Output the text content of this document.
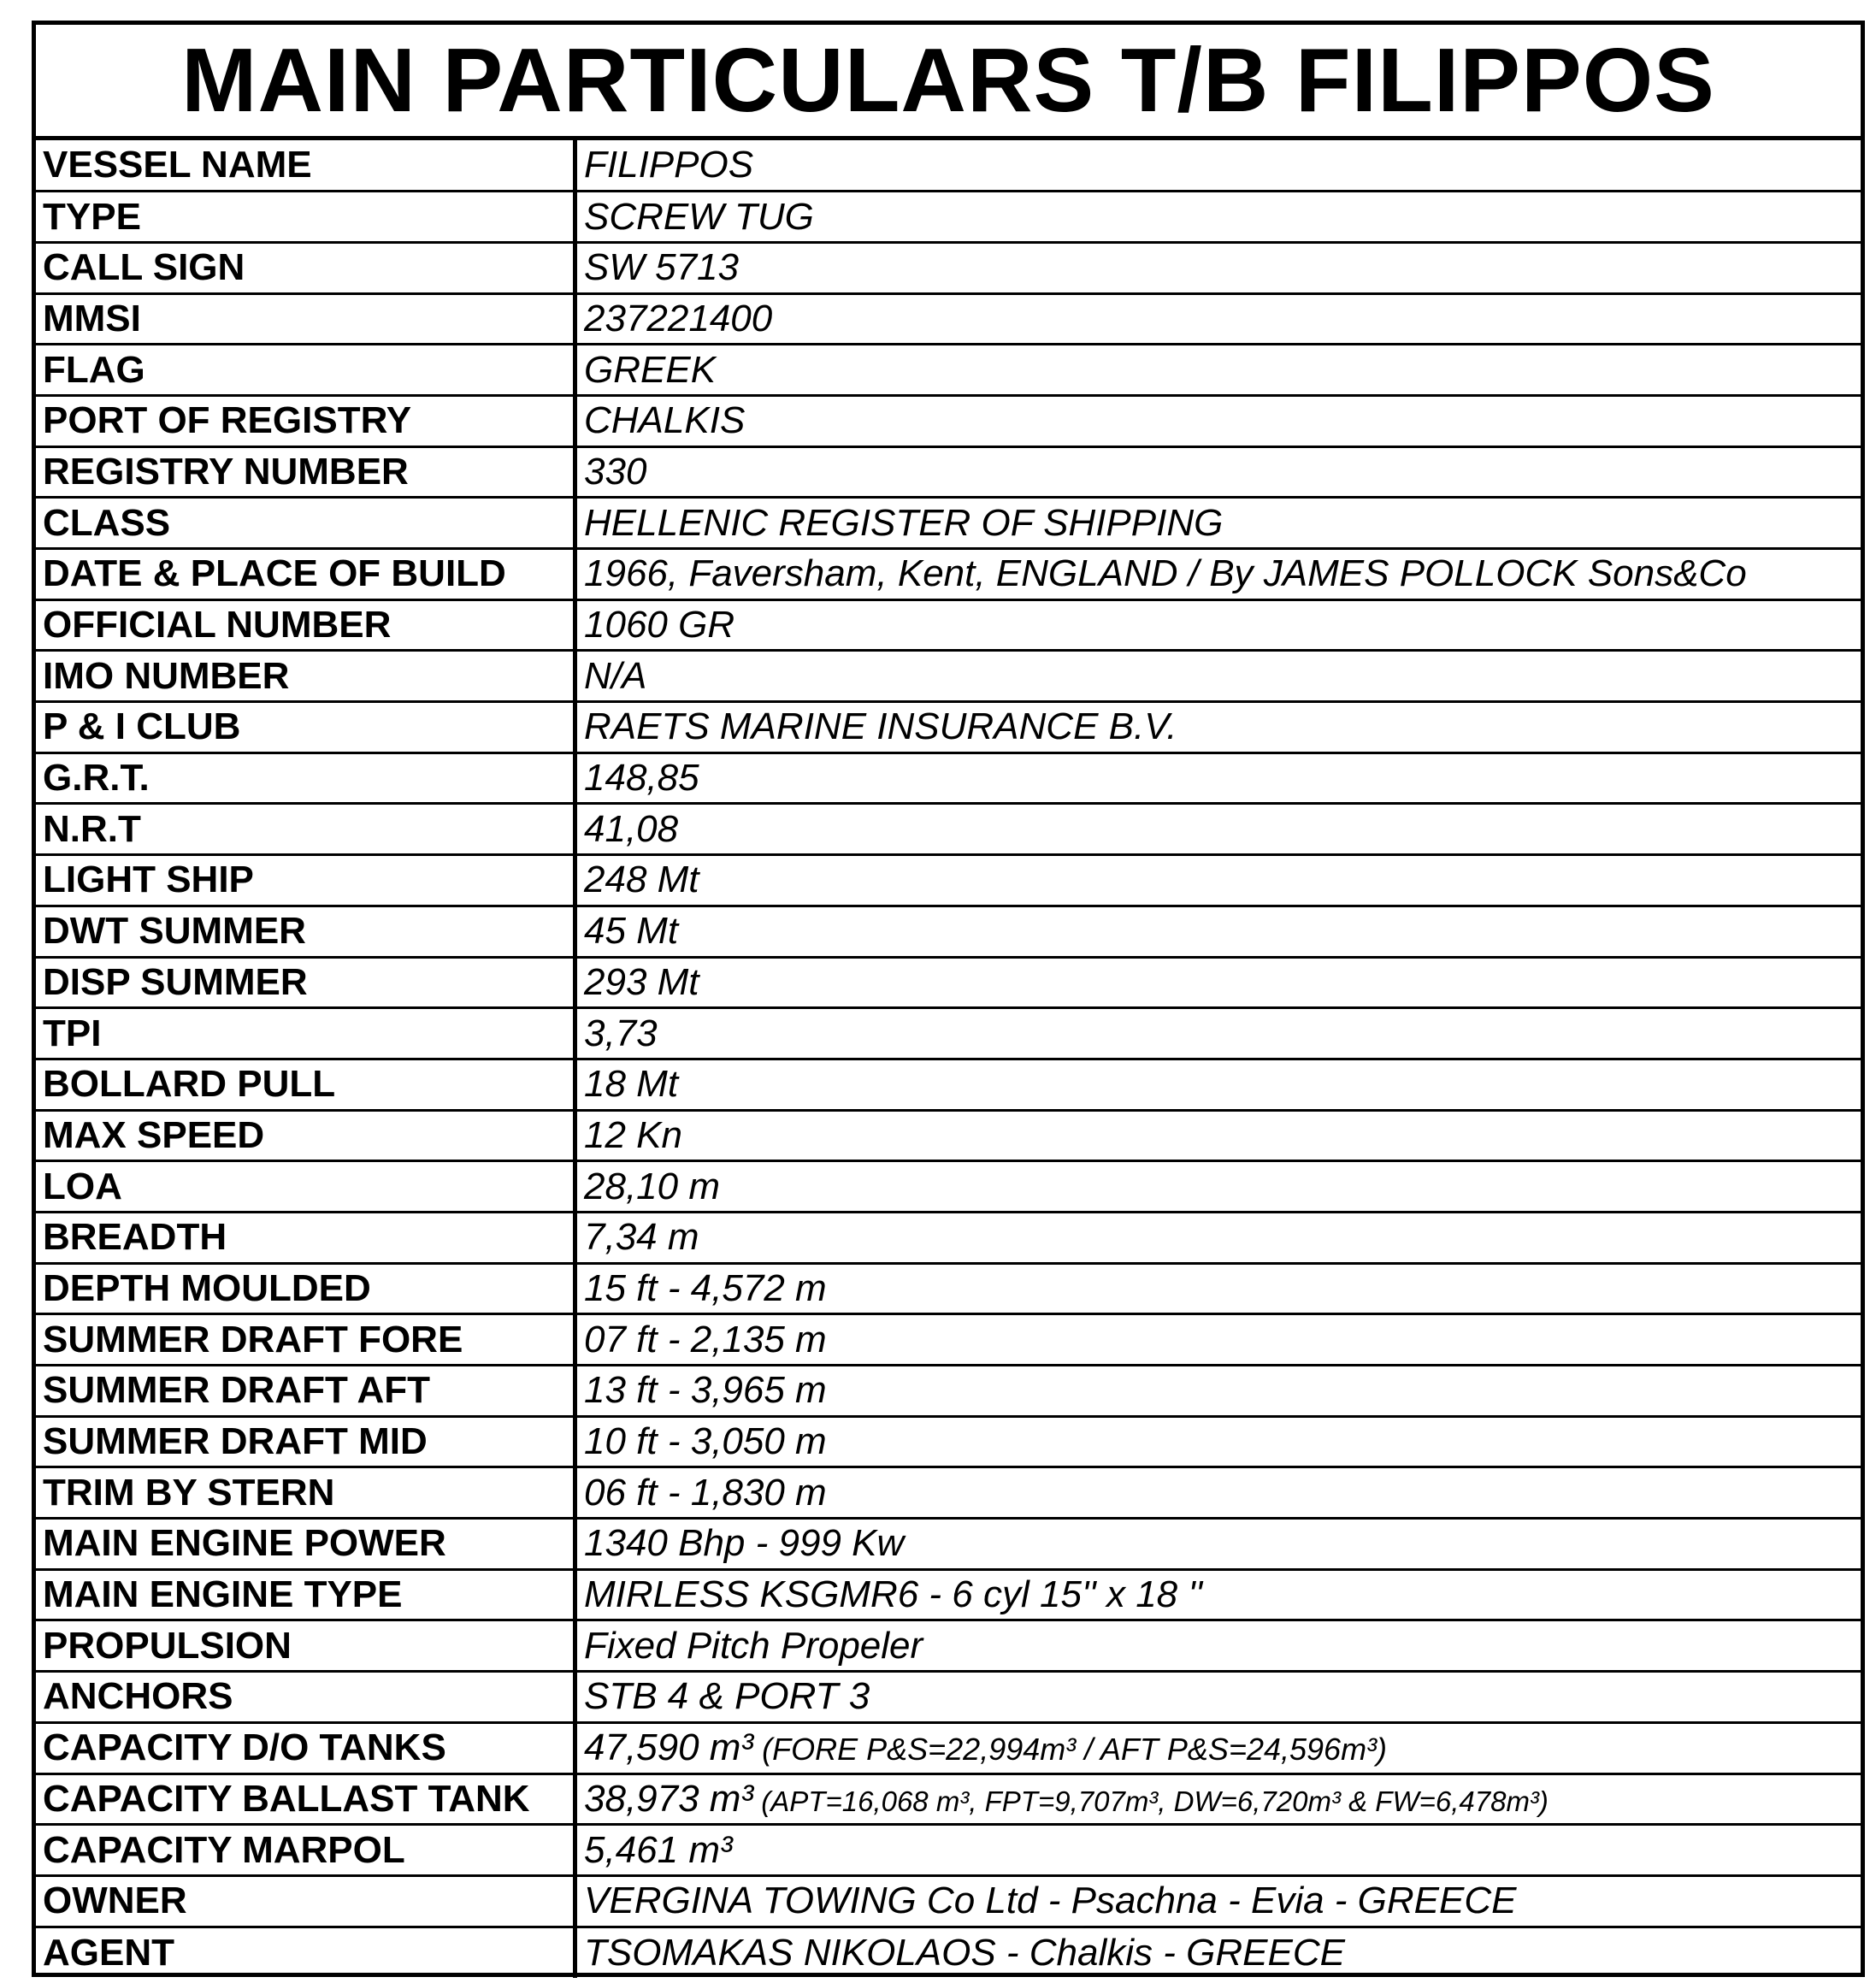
MAIN PARTICULARS T/B FILIPPOS
VESSEL NAME	FILIPPOS
TYPE	SCREW TUG
CALL SIGN	SW 5713
MMSI	237221400
FLAG	GREEK
PORT OF REGISTRY	CHALKIS
REGISTRY NUMBER	330
CLASS	HELLENIC REGISTER OF SHIPPING
DATE & PLACE OF BUILD	1966, Faversham, Kent, ENGLAND / By JAMES POLLOCK Sons&Co
OFFICIAL NUMBER	1060 GR
IMO NUMBER	N/A
P & I CLUB	RAETS MARINE INSURANCE B.V.
G.R.T.	148,85
N.R.T	41,08
LIGHT SHIP	248 Mt
DWT SUMMER	45 Mt
DISP SUMMER	293 Mt
TPI	3,73
BOLLARD PULL	18 Mt
MAX SPEED	12 Kn
LOA	28,10 m
BREADTH	7,34 m
DEPTH MOULDED	15 ft - 4,572 m
SUMMER DRAFT FORE	07 ft - 2,135 m
SUMMER DRAFT AFT	13 ft - 3,965 m
SUMMER DRAFT MID	10 ft - 3,050 m
TRIM BY STERN	06 ft - 1,830 m
MAIN ENGINE POWER	1340 Bhp - 999 Kw
MAIN ENGINE TYPE	MIRLESS KSGMR6 - 6 cyl 15'' x 18 ''
PROPULSION	Fixed Pitch Propeler
ANCHORS	STB 4 & PORT 3
CAPACITY D/O TANKS	47,590 m³ (FORE P&S=22,994m³ / AFT P&S=24,596m³)
CAPACITY BALLAST TANK	38,973 m³ (APT=16,068 m³, FPT=9,707m³, DW=6,720m³ & FW=6,478m³)
CAPACITY MARPOL	5,461 m³
OWNER	VERGINA TOWING Co Ltd - Psachna - Evia - GREECE
AGENT	TSOMAKAS NIKOLAOS - Chalkis - GREECE
